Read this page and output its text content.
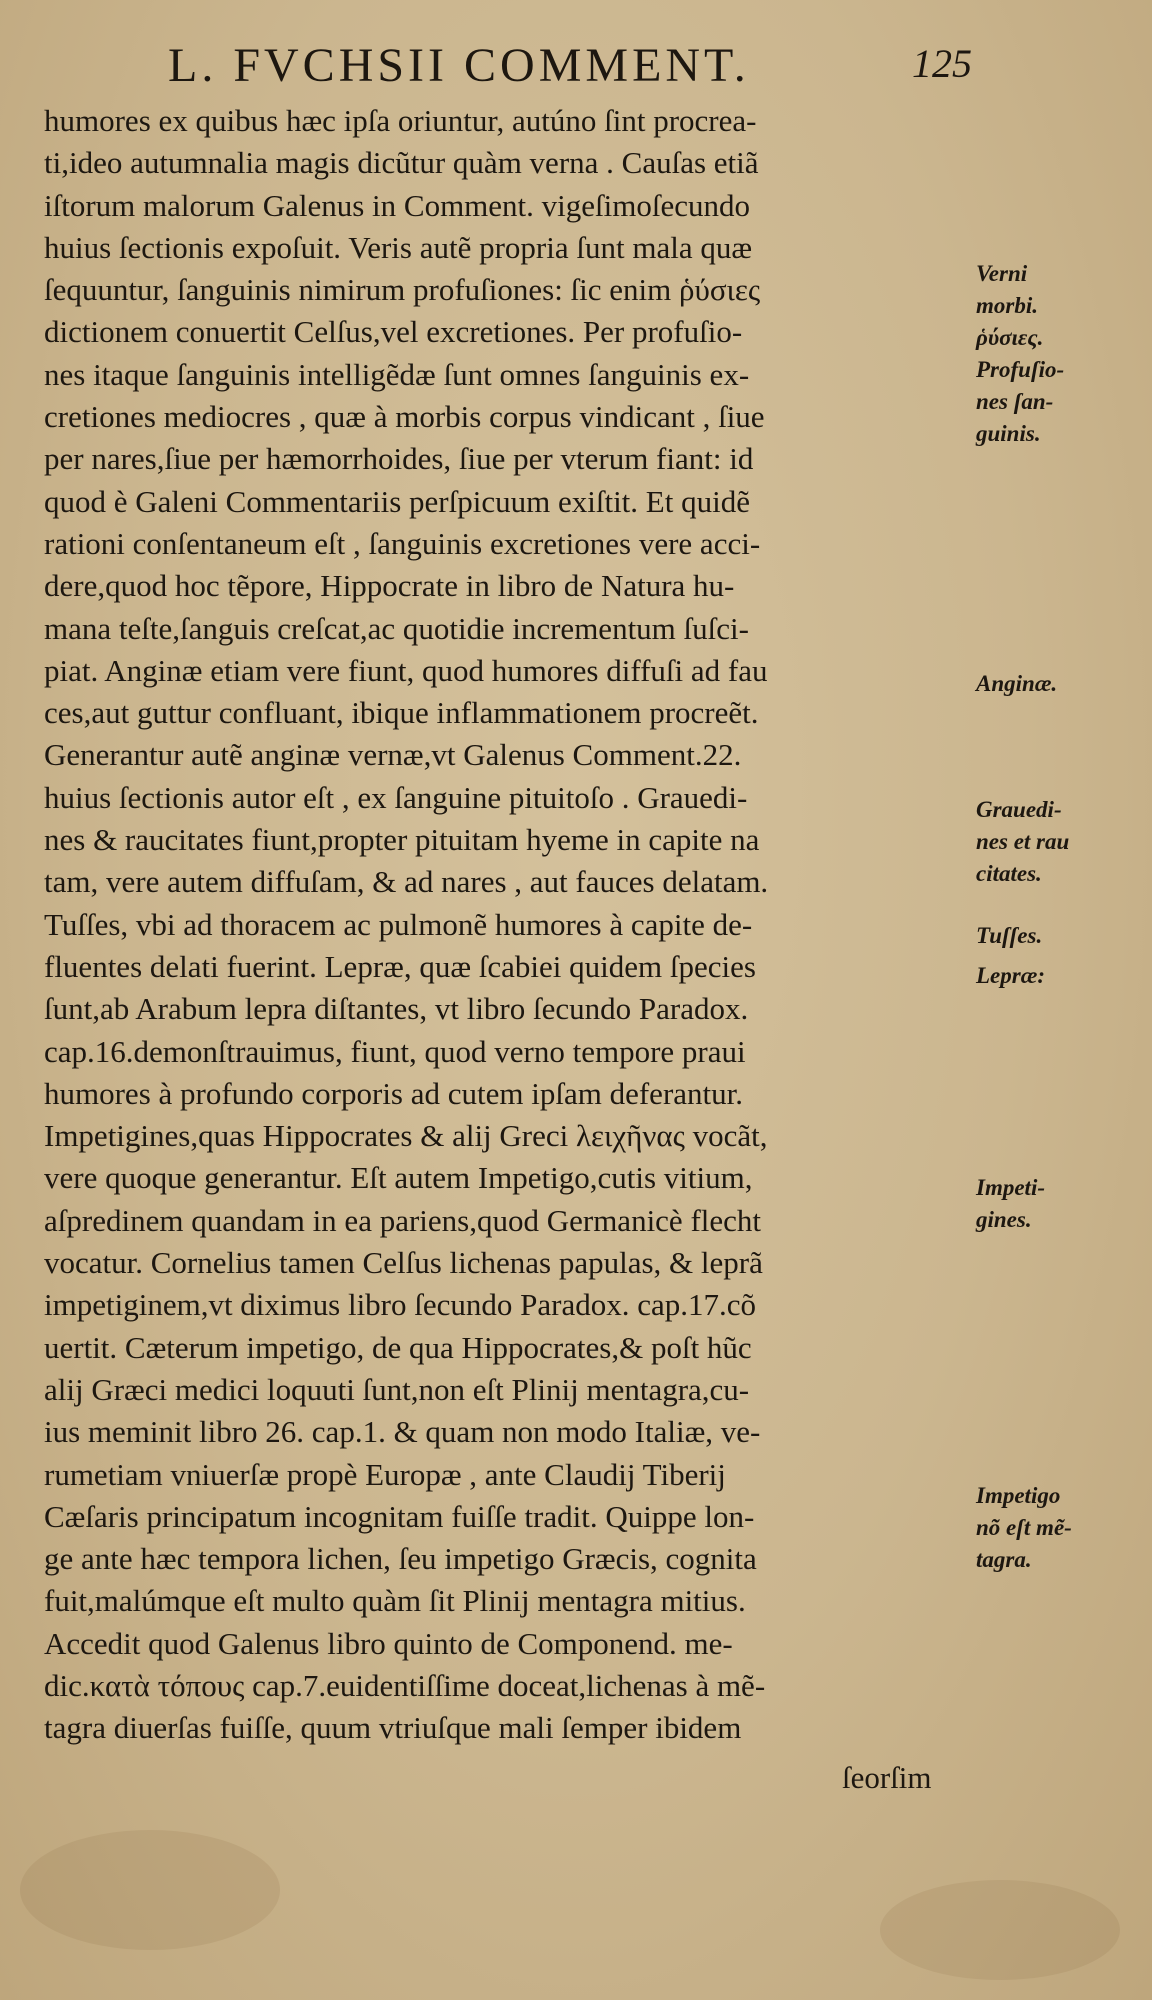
L. FVCHSII COMMENT.	125
humores ex quibus hæc ipſa oriuntur, autúno ſint procrea-
ti,ideo autumnalia magis dicũtur quàm verna . Cauſas etiã
iſtorum malorum Galenus in Comment. vigeſimoſecundo
huius ſectionis expoſuit. Veris autẽ propria ſunt mala quæ
ſequuntur, ſanguinis nimirum profuſiones: ſic enim ῥύσιες
dictionem conuertit Celſus,vel excretiones. Per profuſio-
nes itaque ſanguinis intelligẽdæ ſunt omnes ſanguinis ex-
cretiones mediocres , quæ à morbis corpus vindicant , ſiue
per nares,ſiue per hæmorrhoides, ſiue per vterum fiant: id
quod è Galeni Commentariis perſpicuum exiſtit. Et quidẽ
rationi conſentaneum eſt , ſanguinis excretiones vere acci-
dere,quod hoc tẽpore, Hippocrate in libro de Natura hu-
mana teſte,ſanguis creſcat,ac quotidie incrementum ſuſci-
piat. Anginæ etiam vere fiunt, quod humores diffuſi ad fau
ces,aut guttur confluant, ibique inflammationem procreẽt.
Generantur autẽ anginæ vernæ,vt Galenus Comment.22.
huius ſectionis autor eſt , ex ſanguine pituitoſo . Grauedi-
nes & raucitates fiunt,propter pituitam hyeme in capite na
tam, vere autem diffuſam, & ad nares , aut fauces delatam.
Tuſſes, vbi ad thoracem ac pulmonẽ humores à capite de-
fluentes delati fuerint. Lepræ, quæ ſcabiei quidem ſpecies
ſunt,ab Arabum lepra diſtantes, vt libro ſecundo Paradox.
cap.16.demonſtrauimus, fiunt, quod verno tempore praui
humores à profundo corporis ad cutem ipſam deferantur.
Impetigines,quas Hippocrates & alij Greci λειχῆνας vocãt,
vere quoque generantur. Eſt autem Impetigo,cutis vitium,
aſpredinem quandam in ea pariens,quod Germanicè flecht
vocatur. Cornelius tamen Celſus lichenas papulas, & leprã
impetiginem,vt diximus libro ſecundo Paradox. cap.17.cõ
uertit. Cæterum impetigo, de qua Hippocrates,& poſt hũc
alij Græci medici loquuti ſunt,non eſt Plinij mentagra,cu-
ius meminit libro 26. cap.1. & quam non modo Italiæ, ve-
rumetiam vniuerſæ propè Europæ , ante Claudij Tiberij
Cæſaris principatum incognitam fuiſſe tradit. Quippe lon-
ge ante hæc tempora lichen, ſeu impetigo Græcis, cognita
fuit,malúmque eſt multo quàm ſit Plinij mentagra mitius.
Accedit quod Galenus libro quinto de Componend. me-
dic.κατὰ τόπους cap.7.euidentiſſime doceat,lichenas à mẽ-
tagra diuerſas fuiſſe, quum vtriuſque mali ſemper ibidem
ſeorſim
Verni
morbi.
ῥύσιες.
Profuſio-
nes ſan-
guinis.
Anginæ.
Grauedi-
nes et rau
citates.
Tuſſes.
Lepræ:
Impeti-
gines.
Impetigo
nõ eſt mẽ-
tagra.
